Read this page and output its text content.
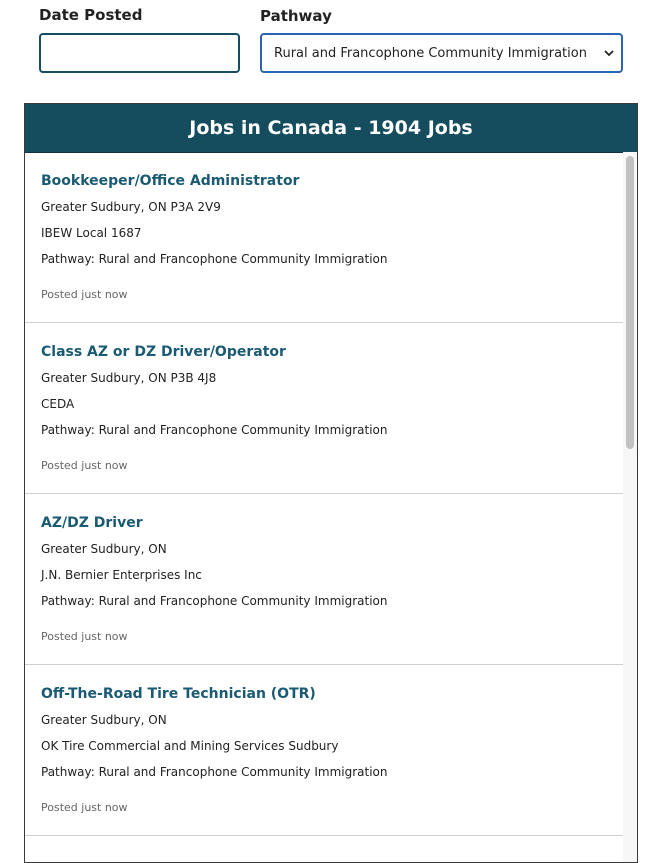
Date Posted	Pathway
Rural and Francophone Community Immigration
Jobs in Canada - 1904 Jobs
Bookkeeper/Office Administrator
Greater Sudbury, ON P3A 2V9
IBEW Local 1687
Pathway: Rural and Francophone Community Immigration
Posted just now
Class AZ or DZ Driver/Operator
Greater Sudbury, ON P3B 4J8
CEDA
Pathway: Rural and Francophone Community Immigration
Posted just now
AZ/DZ Driver
Greater Sudbury, ON
J.N. Bernier Enterprises Inc
Pathway: Rural and Francophone Community Immigration
Posted just now
Off-The-Road Tire Technician (OTR)
Greater Sudbury, ON
OK Tire Commercial and Mining Services Sudbury
Pathway: Rural and Francophone Community Immigration
Posted just now
